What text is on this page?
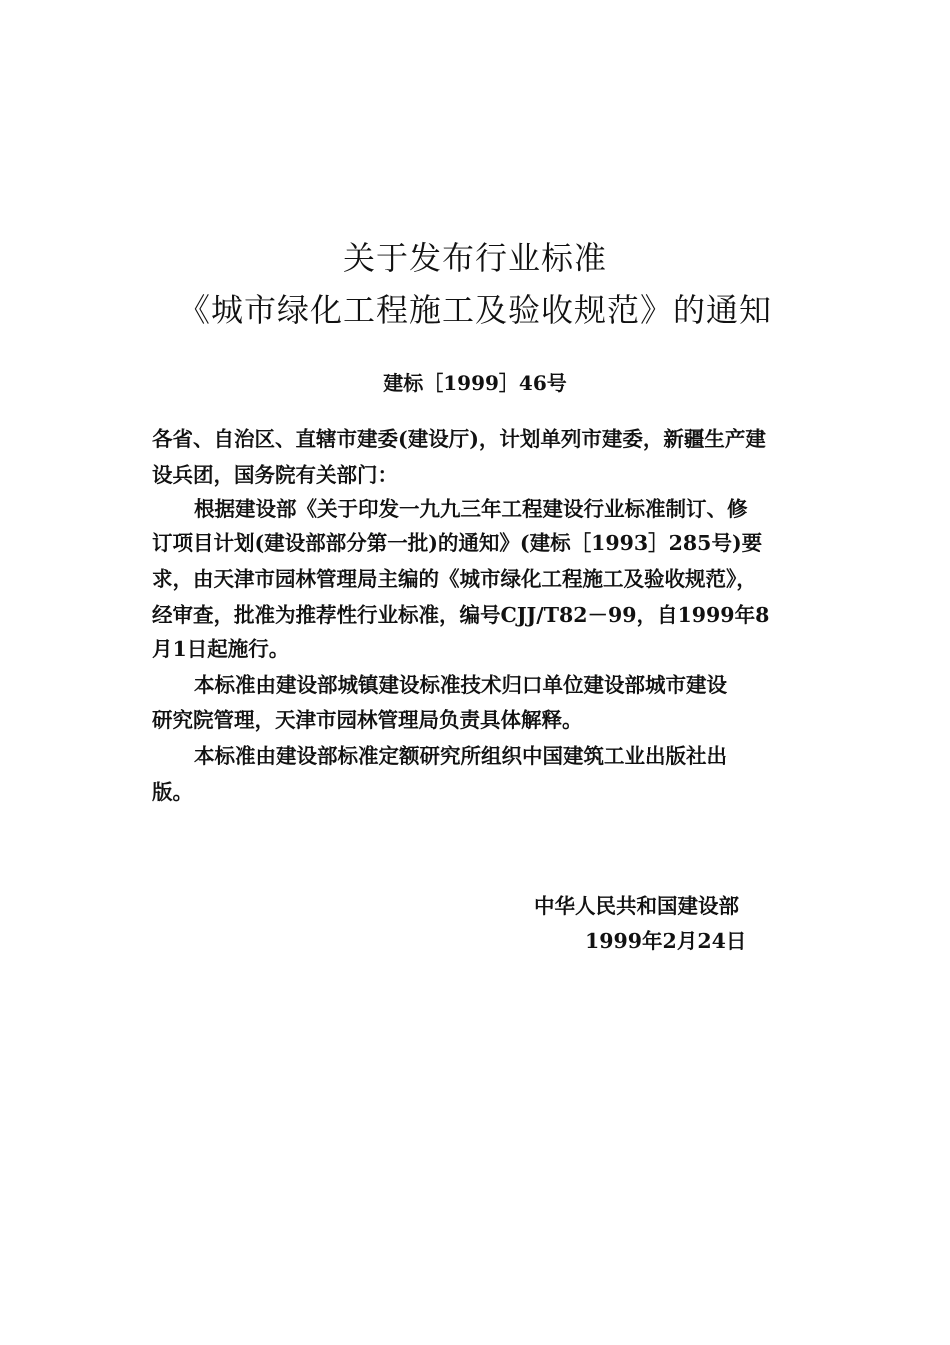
关于发布行业标准
《城市绿化工程施工及验收规范》的通知
建标［1999］46号
各省、自治区、直辖市建委(建设厅)，计划单列市建委，新疆生产建
设兵团，国务院有关部门：
根据建设部《关于印发一九九三年工程建设行业标准制订、修
订项目计划(建设部部分第一批)的通知》(建标［1993］285号)要
求，由天津市园林管理局主编的《城市绿化工程施工及验收规范》，
经审查，批准为推荐性行业标准，编号CJJ/T82－99，自1999年8
月1日起施行。
本标准由建设部城镇建设标准技术归口单位建设部城市建设
研究院管理，天津市园林管理局负责具体解释。
本标准由建设部标准定额研究所组织中国建筑工业出版社出
版。
中华人民共和国建设部
1999年2月24日
